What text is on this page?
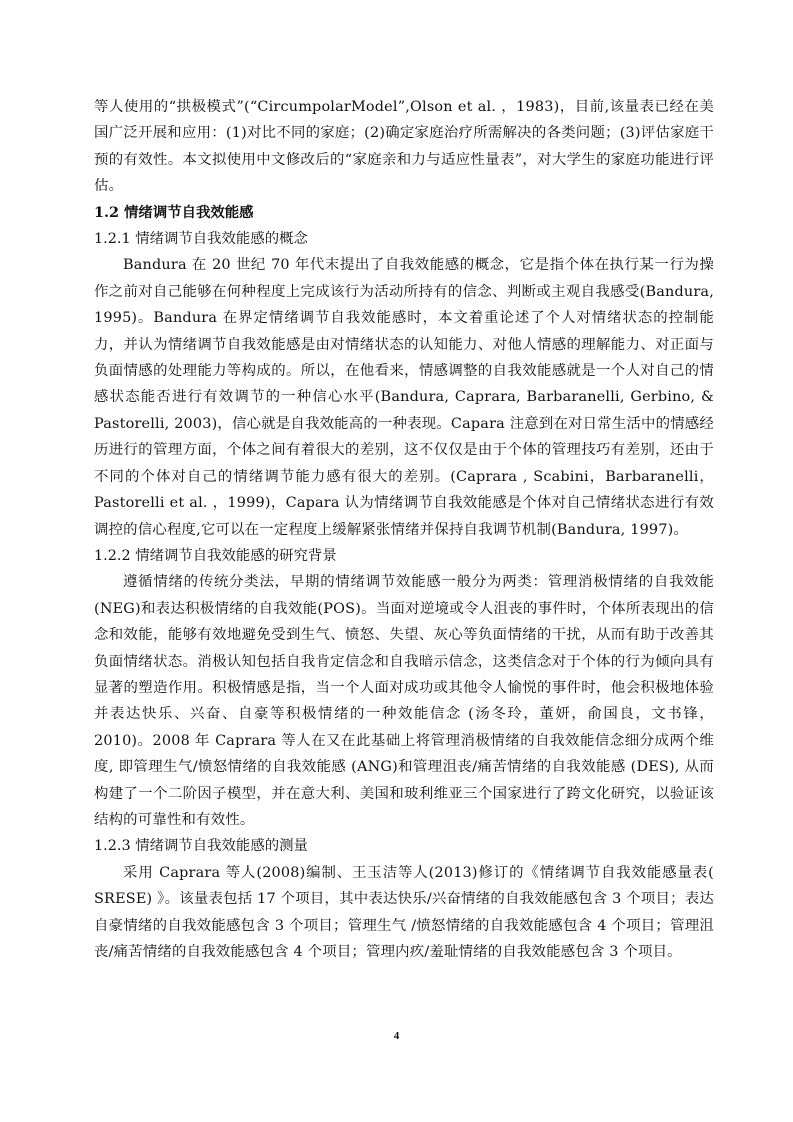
等人使用的“拱极模式”(“CircumpolarModel”,Olson et al. ，1983)，目前,该量表已经在美国广泛开展和应用：(1)对比不同的家庭；(2)确定家庭治疗所需解决的各类问题；(3)评估家庭干预的有效性。本文拟使用中文修改后的“家庭亲和力与适应性量表”，对大学生的家庭功能进行评估。

1.2 情绪调节自我效能感

1.2.1 情绪调节自我效能感的概念

Bandura 在 20 世纪 70 年代末提出了自我效能感的概念，它是指个体在执行某一行为操作之前对自己能够在何种程度上完成该行为活动所持有的信念、判断或主观自我感受(Bandura, 1995)。Bandura 在界定情绪调节自我效能感时，本文着重论述了个人对情绪状态的控制能力，并认为情绪调节自我效能感是由对情绪状态的认知能力、对他人情感的理解能力、对正面与负面情感的处理能力等构成的。所以，在他看来，情感调整的自我效能感就是一个人对自己的情感状态能否进行有效调节的一种信心水平(Bandura, Caprara, Barbaranelli, Gerbino, & Pastorelli, 2003)，信心就是自我效能高的一种表现。Capara 注意到在对日常生活中的情感经历进行的管理方面，个体之间有着很大的差别，这不仅仅是由于个体的管理技巧有差别，还由于不同的个体对自己的情绪调节能力感有很大的差别。(Caprara , Scabini，Barbaranelli，Pastorelli et al. ，1999)，Capara 认为情绪调节自我效能感是个体对自己情绪状态进行有效调控的信心程度,它可以在一定程度上缓解紧张情绪并保持自我调节机制(Bandura, 1997)。

1.2.2 情绪调节自我效能感的研究背景

遵循情绪的传统分类法，早期的情绪调节效能感一般分为两类：管理消极情绪的自我效能(NEG)和表达积极情绪的自我效能(POS)。当面对逆境或令人沮丧的事件时，个体所表现出的信念和效能，能够有效地避免受到生气、愤怒、失望、灰心等负面情绪的干扰，从而有助于改善其负面情绪状态。消极认知包括自我肯定信念和自我暗示信念，这类信念对于个体的行为倾向具有显著的塑造作用。积极情感是指，当一个人面对成功或其他令人愉悦的事件时，他会积极地体验并表达快乐、兴奋、自豪等积极情绪的一种效能信念 (汤冬玲，董妍，俞国良，文书锋，2010)。2008 年 Caprara 等人在又在此基础上将管理消极情绪的自我效能信念细分成两个维度, 即管理生气/愤怒情绪的自我效能感 (ANG)和管理沮丧/痛苦情绪的自我效能感 (DES), 从而构建了一个二阶因子模型，并在意大利、美国和玻利维亚三个国家进行了跨文化研究，以验证该结构的可靠性和有效性。

1.2.3 情绪调节自我效能感的测量

采用 Caprara 等人(2008)编制、王玉洁等人(2013)修订的《情绪调节自我效能感量表( SRESE) 》。该量表包括 17 个项目，其中表达快乐/兴奋情绪的自我效能感包含 3 个项目；表达自豪情绪的自我效能感包含 3 个项目；管理生气 /愤怒情绪的自我效能感包含 4 个项目；管理沮丧/痛苦情绪的自我效能感包含 4 个项目；管理内疚/羞耻情绪的自我效能感包含 3 个项目。

4
